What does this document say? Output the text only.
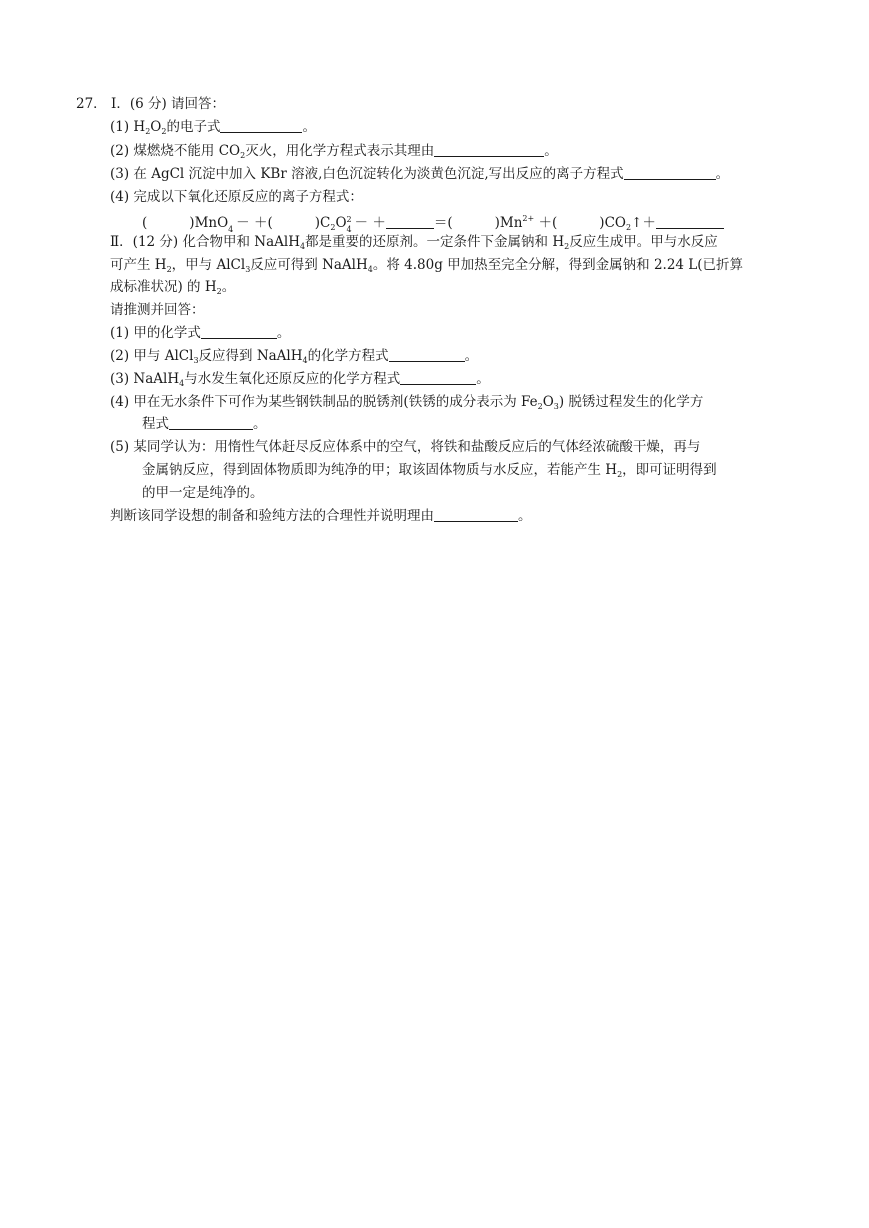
27． Ⅰ．(6 分) 请回答：
(1) $H_2O_2$的电子式	。
(2) 煤燃烧不能用 $CO_2$灭火，用化学方程式表示其理由	。
(3) 在 AgCl 沉淀中加入 KBr 溶液,白色沉淀转化为淡黄色沉淀,写出反应的离子方程式	。
(4) 完成以下氧化还原反应的离子方程式：
(	)MnO 4 － ＋(	)$C_2O$ 2
4 － ＋	＝(	)$Mn^{2+}$ ＋(	)$CO_2↑+$
Ⅱ．(12 分) 化合物甲和 NaAlH$_4$都是重要的还原剂。一定条件下金属钠和 $H_2$反应生成甲。甲与水反应
可产生 $H_2$，甲与 AlCl$_3$反应可得到 NaAlH$_4$。将 4.80g 甲加热至完全分解，得到金属钠和 2.24 L(已折算
成标准状况) 的 $H_2$。
请推测并回答：
(1) 甲的化学式	。
(2) 甲与 AlCl$_3$反应得到 NaAlH$_4$的化学方程式	。
(3) NaAlH$_4$与水发生氧化还原反应的化学方程式	。
(4) 甲在无水条件下可作为某些钢铁制品的脱锈剂(铁锈的成分表示为 $Fe_2O_3$) 脱锈过程发生的化学方
程式	。
(5) 某同学认为：用惰性气体赶尽反应体系中的空气，将铁和盐酸反应后的气体经浓硫酸干燥，再与
金属钠反应，得到固体物质即为纯净的甲；取该固体物质与水反应，若能产生 $H_2$，即可证明得到
的甲一定是纯净的。
判断该同学设想的制备和验纯方法的合理性并说明理由	。
